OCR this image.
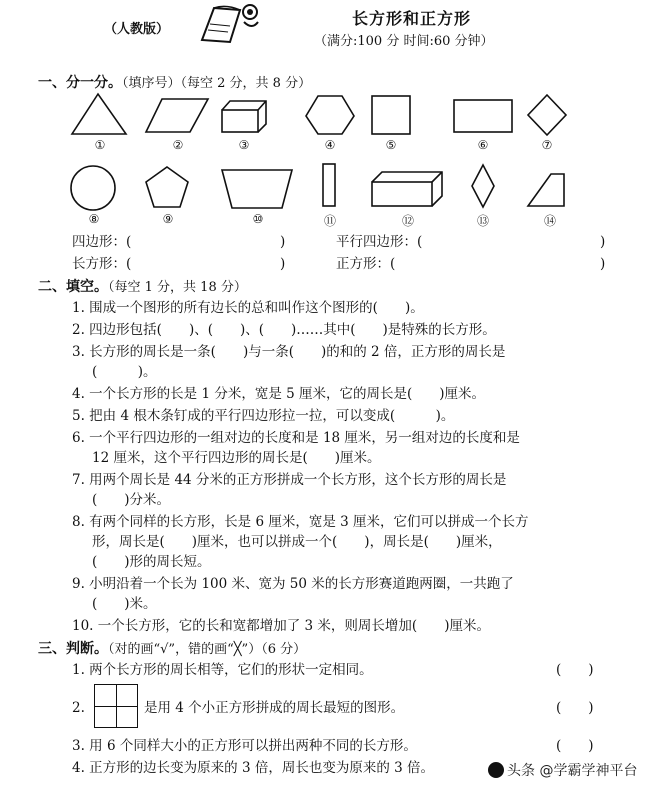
（人教版）
长方形和正方形
（满分:100 分 时间:60 分钟）
一、分一分。（填序号）（每空 2 分，共 8 分）
①	②	③	④	⑤	⑥	⑦
⑧	⑨	⑩	⑪	⑫	⑬	⑭
四边形：(	)	平行四边形：(	)
长方形：(	)	正方形：(	)
二、填空。（每空 1 分，共 18 分）
1. 围成一个图形的所有边长的总和叫作这个图形的(　　)。
2. 四边形包括(　　)、(　　)、(　　)……其中(　　)是特殊的长方形。
3. 长方形的周长是一条(　　)与一条(　　)的和的 2 倍，正方形的周长是
(　　　)。
4. 一个长方形的长是 1 分米，宽是 5 厘米，它的周长是(　　)厘米。
5. 把由 4 根木条钉成的平行四边形拉一拉，可以变成(　　　)。
6. 一个平行四边形的一组对边的长度和是 18 厘米，另一组对边的长度和是
12 厘米，这个平行四边形的周长是(　　)厘米。
7. 用两个周长是 44 分米的正方形拼成一个长方形，这个长方形的周长是
(　　)分米。
8. 有两个同样的长方形，长是 6 厘米，宽是 3 厘米，它们可以拼成一个长方
形，周长是(　　)厘米，也可以拼成一个(　　)，周长是(　　)厘米，
(　　)形的周长短。
9. 小明沿着一个长为 100 米、宽为 50 米的长方形赛道跑两圈，一共跑了
(　　)米。
10. 一个长方形，它的长和宽都增加了 3 米，则周长增加(　　)厘米。
三、判断。（对的画“√”，错的画“╳”）（6 分）
1. 两个长方形的周长相等，它们的形状一定相同。	(　　)
2.	是用 4 个小正方形拼成的周长最短的图形。	(　　)
3. 用 6 个同样大小的正方形可以拼出两种不同的长方形。	(　　)
4. 正方形的边长变为原来的 3 倍，周长也变为原来的 3 倍。	头条 @学霸学神平台
